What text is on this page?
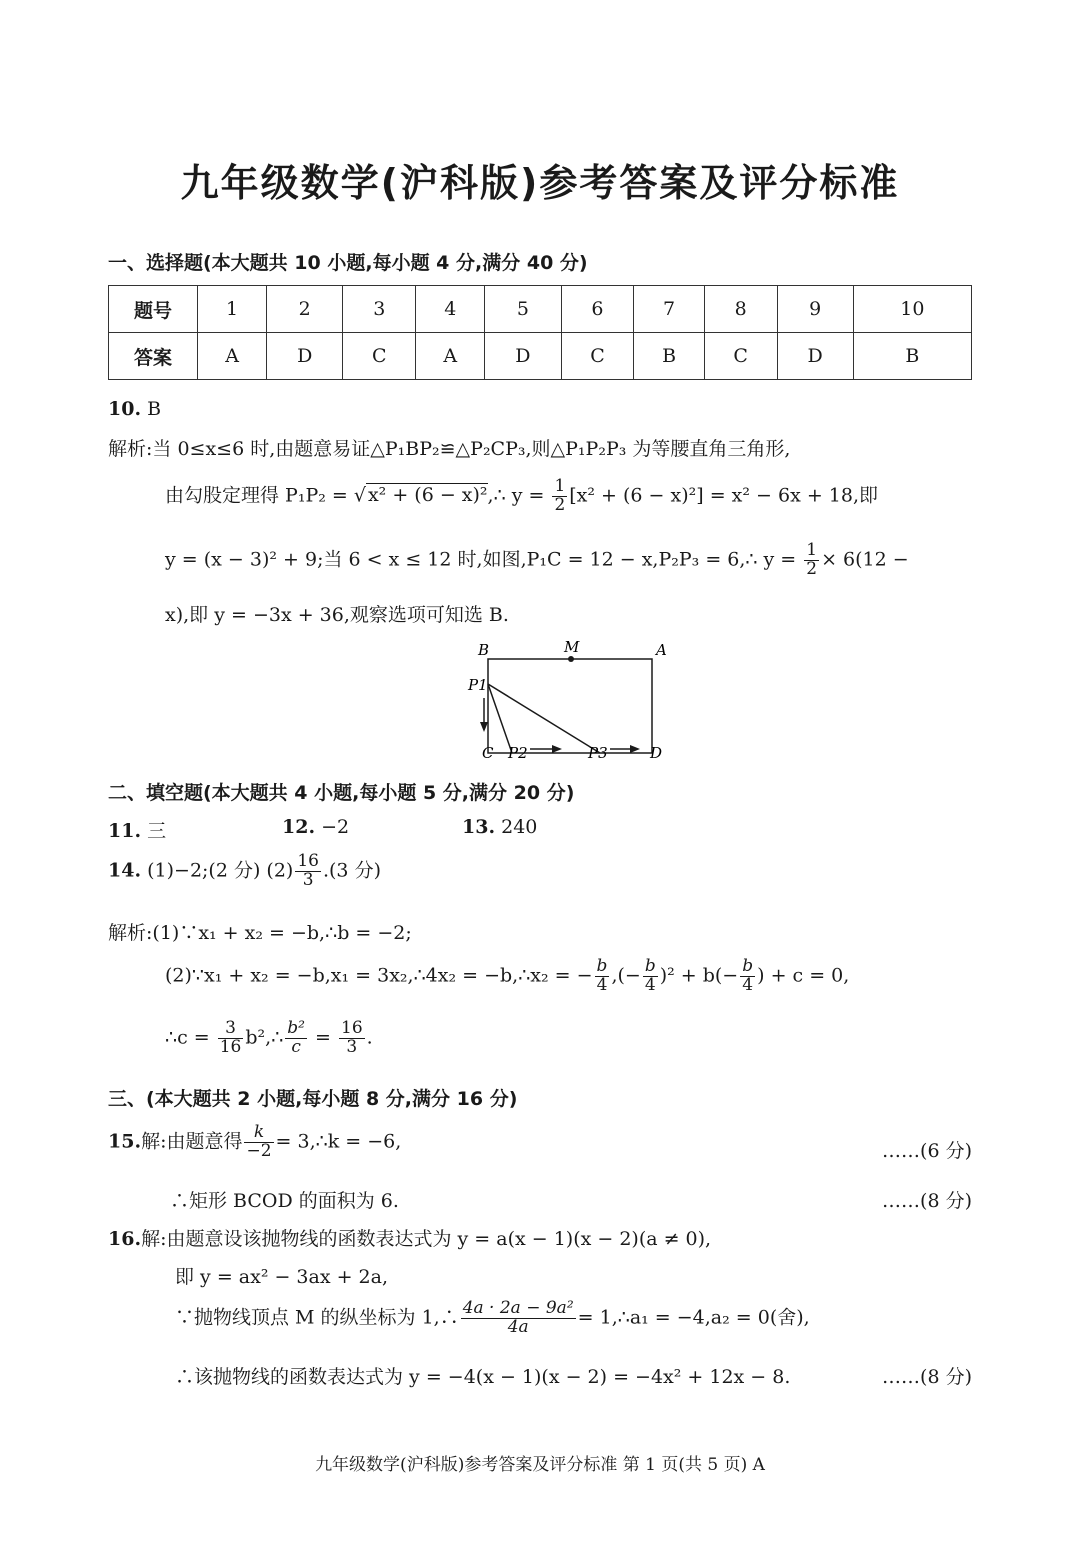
九年级数学(沪科版)参考答案及评分标准
一、选择题(本大题共 10 小题,每小题 4 分,满分 40 分)
题号	1	2	3	4	5	6	7	8	9	10
答案	A	D	C	A	D	C	B	C	D	B
10. B
解析:当 0≤x≤6 时,由题意易证△P₁BP₂≌△P₂CP₃,则△P₁P₂P₃ 为等腰直角三角形,
由勾股定理得 P₁P₂ = √ x² + (6 − x)²,∴ $y = \frac{1}{2} [x^2 + (6 - x)^2] = x^2 - 6x + 18$,即
y = (x − 3)² + 9;当 6 < x ≤ 12 时,如图,P₁C = 12 − x,P₂P₃ = 6,∴ $y = \frac{1}{2} \times 6(12$ −
x),即 y = −3x + 36,观察选项可知选 B.
B	M	A
P1
C P2	P3	D
二、填空题(本大题共 4 小题,每小题 5 分,满分 20 分)
11. 三	12. −2	13. 240
14. (1)−2;(2 分) $(2) \frac{16}{3} .(3$ 分)
解析:(1)∵x₁ + x₂ = −b,∴b = −2;
(2)∵x₁ + x₂ = −b,x₁ = 3x₂,∴4x₂ = −b,∴x₂ = − $\frac{b}{4}$ ,(− $\frac{b}{4} )^2 + b(- \frac{b}{4}$ ) + c = 0,
∴c = $\frac{3}{16}$ b²,∴ $\frac{\text{b²}}{c} = \frac{16}{3}$ .
三、(本大题共 2 小题,每小题 8 分,满分 16 分)
15.解:由题意得 $\frac{k}{-2}$ = 3,∴k = −6,	……(6 分)
∴矩形 BCOD 的面积为 6.	……(8 分)
16.解:由题意设该抛物线的函数表达式为 y = a(x − 1)(x − 2)(a ≠ 0),
即 y = ax² − 3ax + 2a,
∵抛物线顶点 M 的纵坐标为 1,∴ $\frac{\text{4a · 2a − 9a²}}{4a}$ = 1,∴a₁ = −4,a₂ = 0(舍),
∴该抛物线的函数表达式为 y = −4(x − 1)(x − 2) = −4x² + 12x − 8.	……(8 分)
九年级数学(沪科版)参考答案及评分标准 第 1 页(共 5 页) A
